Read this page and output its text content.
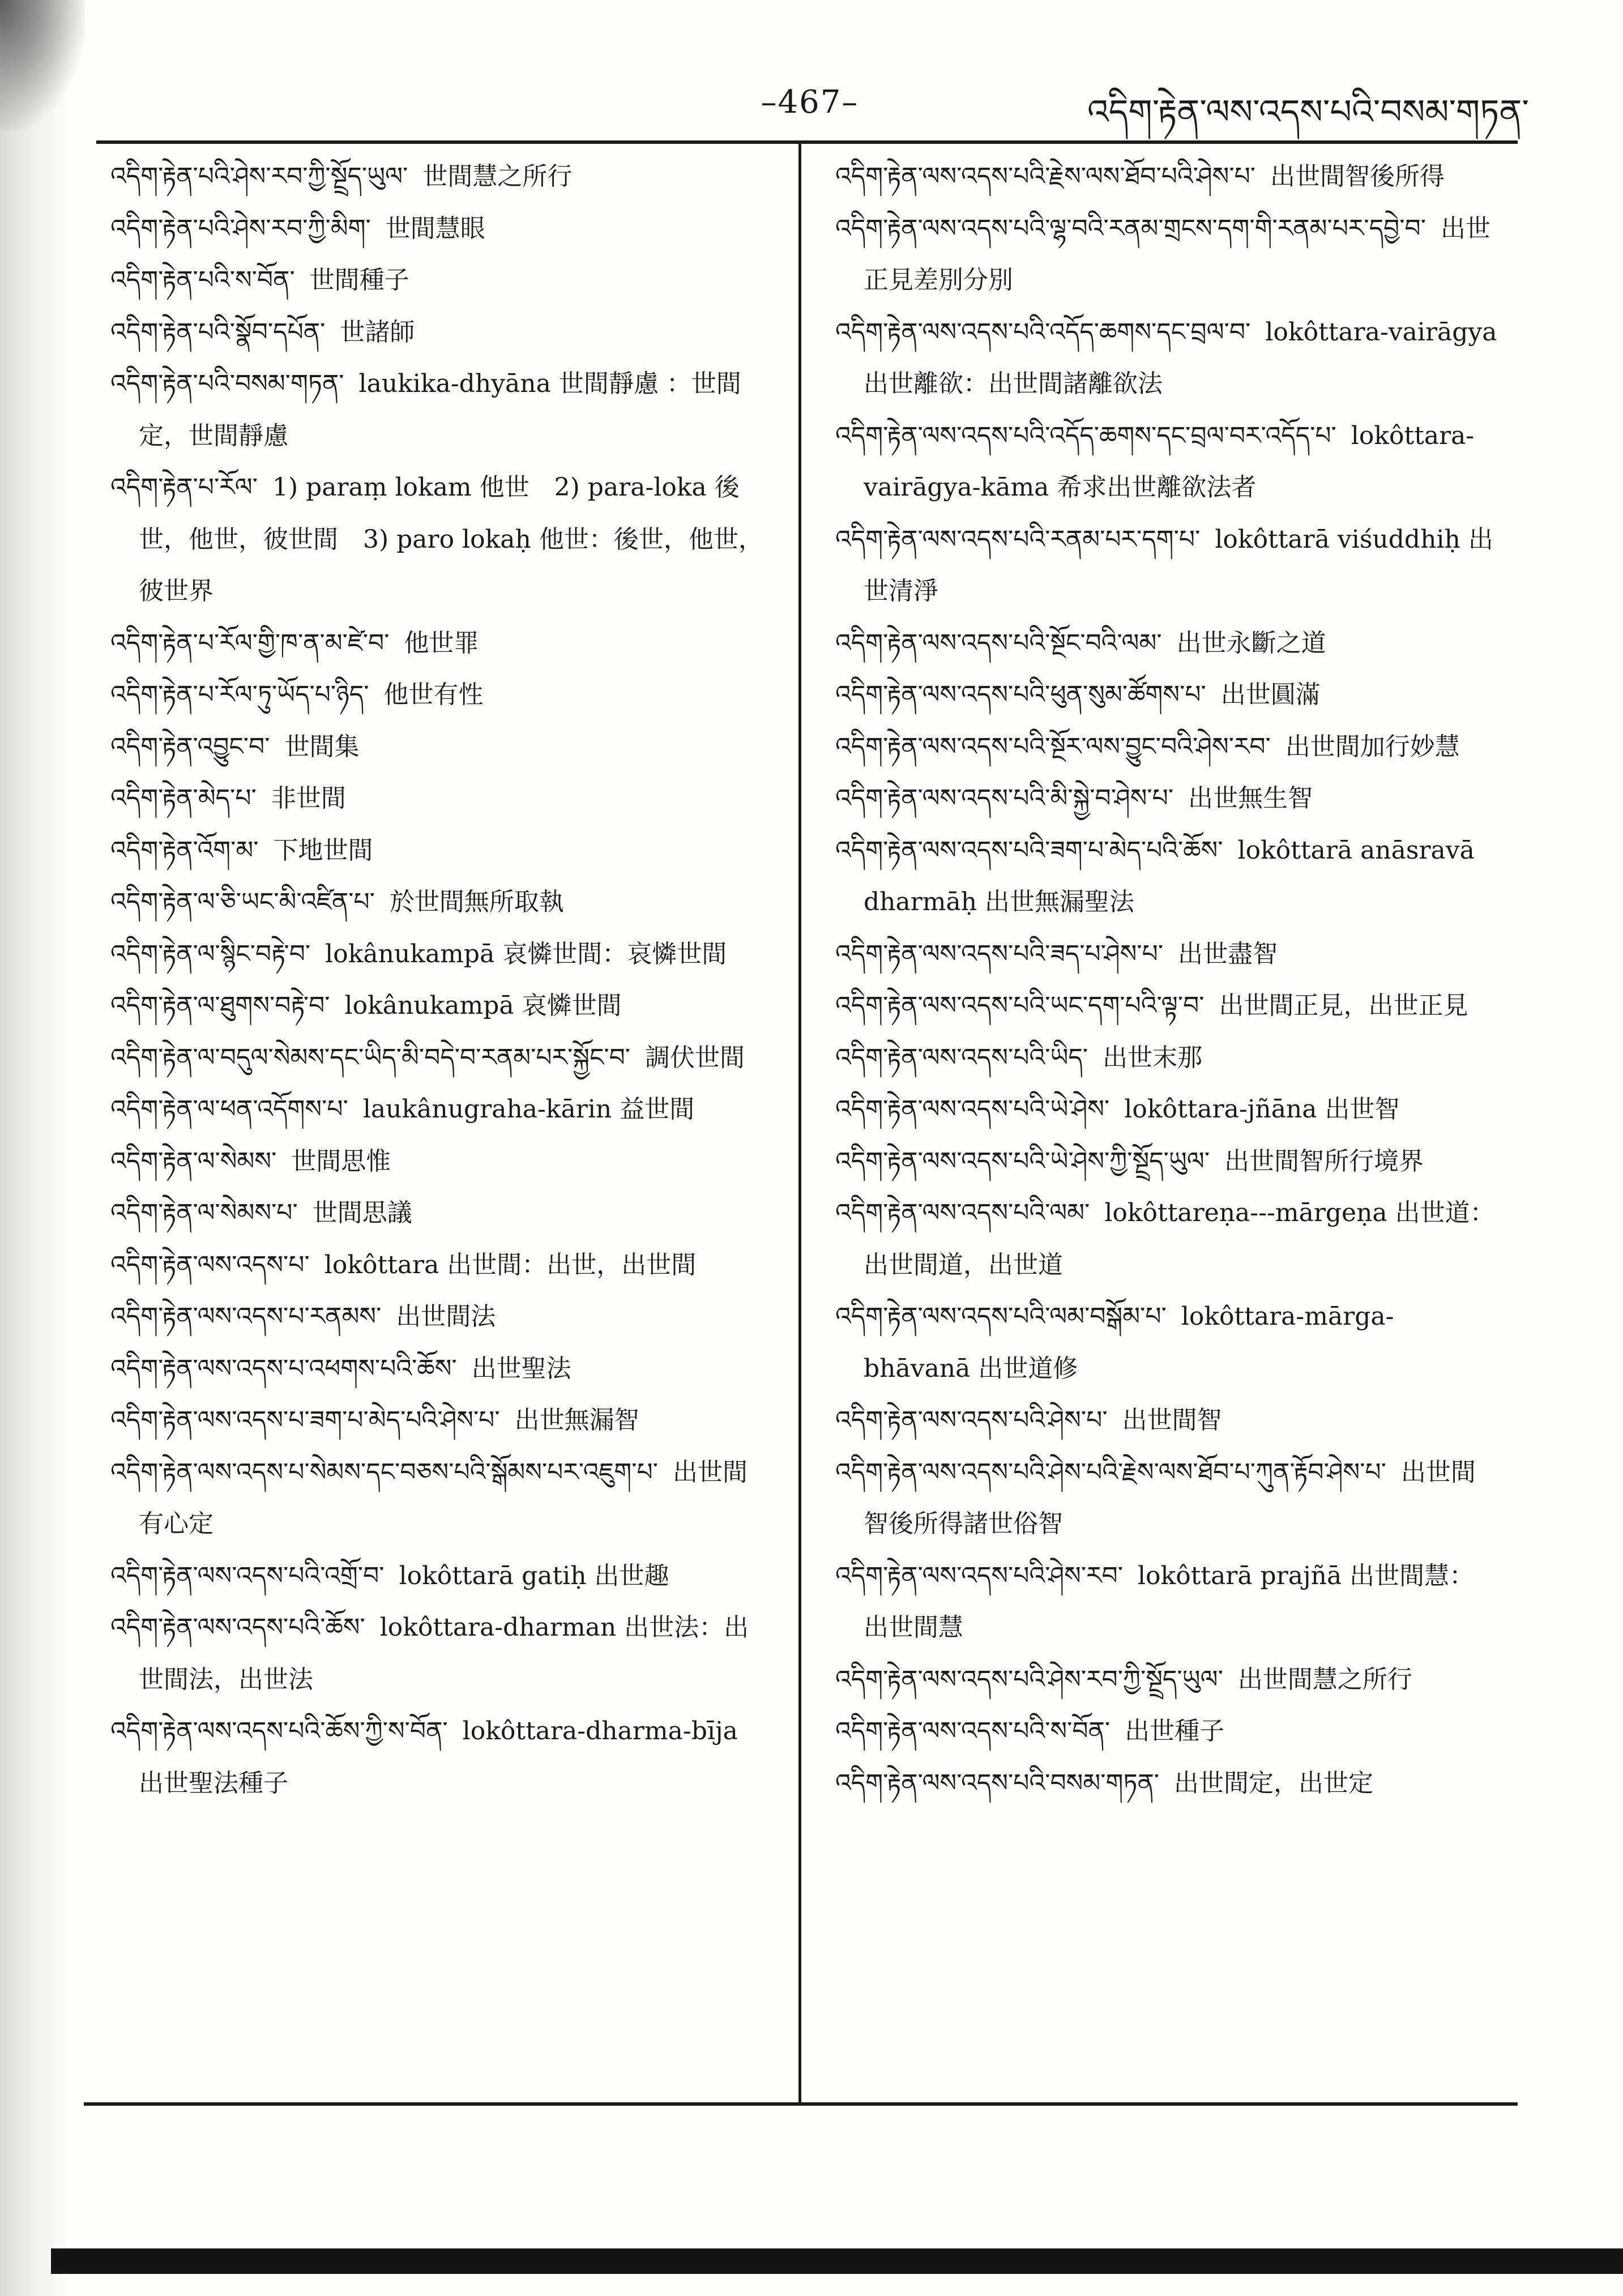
–467–	འདིག་རྟེན་ལས་འདས་པའི་བསམ་གཏན་
འདིག་རྟེན་པའི་ཤེས་རབ་ཀྱི་སྔྲོད་ཡུལ་ 世間慧之所行
འདིག་རྟེན་པའི་ཤེས་རབ་ཀྱི་མིག་ 世間慧眼
འདིག་རྟེན་པའི་ས་བོན་ 世間種子
འདིག་རྟེན་པའི་སྣོབ་དཔོན་ 世諸師
འདིག་རྟེན་པའི་བསམ་གཏན་ laukika-dhyāna 世間靜慮 ：世間定，世間靜慮
འདིག་རྟེན་པ་རོལ་ 1) paraṃ lokam 他世 2) para-loka 後世，他世，彼世間 3) paro lokaḥ 他世：後世，他世，彼世界
འདིག་རྟེན་པ་རོལ་གྱི་ཁ་ན་མ་ཛེ་བ་ 他世罪
འདིག་རྟེན་པ་རོལ་ཏུ་ཡོད་པ་ཉིད་ 他世有性
འདིག་རྟེན་འབྱུང་བ་ 世間集
འདིག་རྟེན་མེད་པ་ 非世間
འདིག་རྟེན་འོག་མ་ 下地世間
འདིག་རྟེན་ལ་ཅི་ཡང་མི་འཛིན་པ་ 於世間無所取執
འདིག་རྟེན་ལ་སྙིང་བརྟེ་བ་ lokânukampā 哀憐世間：哀憐世間
འདིག་རྟེན་ལ་ཐུགས་བརྟེ་བ་ lokânukampā 哀憐世間
འདིག་རྟེན་ལ་བདུལ་སེམས་དང་ཡིད་མི་བདེ་བ་རནམ་པར་སྐྱོང་བ་ 調伏世間
འདིག་རྟེན་ལ་ཕན་འདོགས་པ་ laukânugraha-kārin 益世間
འདིག་རྟེན་ལ་སེམས་ 世間思惟
འདིག་རྟེན་ལ་སེམས་པ་ 世間思議
འདིག་རྟེན་ལས་འདས་པ་ lokôttara 出世間：出世，出世間
འདིག་རྟེན་ལས་འདས་པ་རནམས་ 出世間法
འདིག་རྟེན་ལས་འདས་པ་འཕགས་པའི་ཆོས་ 出世聖法
འདིག་རྟེན་ལས་འདས་པ་ཟག་པ་མེད་པའི་ཤེས་པ་ 出世無漏智
འདིག་རྟེན་ལས་འདས་པ་སེམས་དང་བཅས་པའི་སྒོམས་པར་འཇུག་པ་ 出世間有心定
འདིག་རྟེན་ལས་འདས་པའི་འགྲོ་བ་ lokôttarā gatiḥ 出世趣
འདིག་རྟེན་ལས་འདས་པའི་ཆོས་ lokôttara-dharman 出世法：出世間法，出世法
འདིག་རྟེན་ལས་འདས་པའི་ཆོས་ཀྱི་ས་བོན་ lokôttara-dharma-bīja 出世聖法種子
འདིག་རྟེན་ལས་འདས་པའི་རྗེས་ལས་ཐོབ་པའི་ཤེས་པ་ 出世間智後所得
འདིག་རྟེན་ལས་འདས་པའི་ལྷ་བའི་རནམ་གྲངས་དག་གི་རནམ་པར་དབྱེ་བ་ 出世正見差別分別
འདིག་རྟེན་ལས་འདས་པའི་འདོད་ཆགས་དང་བྲལ་བ་ lokôttara-vairāgya 出世離欲：出世間諸離欲法
འདིག་རྟེན་ལས་འདས་པའི་འདོད་ཆགས་དང་བྲལ་བར་འདོད་པ་ lokôttara-vairāgya-kāma 希求出世離欲法者
འདིག་རྟེན་ལས་འདས་པའི་རནམ་པར་དག་པ་ lokôttarā viśuddhiḥ 出世清淨
འདིག་རྟེན་ལས་འདས་པའི་སྔོང་བའི་ལམ་ 出世永斷之道
འདིག་རྟེན་ལས་འདས་པའི་ཕུན་སུམ་ཚོགས་པ་ 出世圓滿
འདིག་རྟེན་ལས་འདས་པའི་སྔོར་ལས་བྱུང་བའི་ཤེས་རབ་ 出世間加行妙慧
འདིག་རྟེན་ལས་འདས་པའི་མི་སྐྱེ་བ་ཤེས་པ་ 出世無生智
འདིག་རྟེན་ལས་འདས་པའི་ཟག་པ་མེད་པའི་ཆོས་ lokôttarā anāsravā dharmāḥ 出世無漏聖法
འདིག་རྟེན་ལས་འདས་པའི་ཟད་པ་ཤེས་པ་ 出世盡智
འདིག་རྟེན་ལས་འདས་པའི་ཡང་དག་པའི་ལྟ་བ་ 出世間正見，出世正見
འདིག་རྟེན་ལས་འདས་པའི་ཡིད་ 出世末那
འདིག་རྟེན་ལས་འདས་པའི་ཡེ་ཤེས་ lokôttara-jñāna 出世智
འདིག་རྟེན་ལས་འདས་པའི་ཡེ་ཤེས་ཀྱི་སྔྲོད་ཡུལ་ 出世間智所行境界
འདིག་རྟེན་ལས་འདས་པའི་ལམ་ lokôttareṇa---mārgeṇa 出世道：出世間道，出世道
འདིག་རྟེན་ལས་འདས་པའི་ལམ་བསྒོམ་པ་ lokôttara-mārga-bhāvanā 出世道修
འདིག་རྟེན་ལས་འདས་པའི་ཤེས་པ་ 出世間智
འདིག་རྟེན་ལས་འདས་པའི་ཤེས་པའི་རྗེས་ལས་ཐོབ་པ་ཀུན་རྟོབ་ཤེས་པ་ 出世間智後所得諸世俗智
འདིག་རྟེན་ལས་འདས་པའི་ཤེས་རབ་ lokôttarā prajñā 出世間慧：出世間慧
འདིག་རྟེན་ལས་འདས་པའི་ཤེས་རབ་ཀྱི་སྔྲོད་ཡུལ་ 出世間慧之所行
འདིག་རྟེན་ལས་འདས་པའི་ས་བོན་ 出世種子
འདིག་རྟེན་ལས་འདས་པའི་བསམ་གཏན་ 出世間定，出世定
